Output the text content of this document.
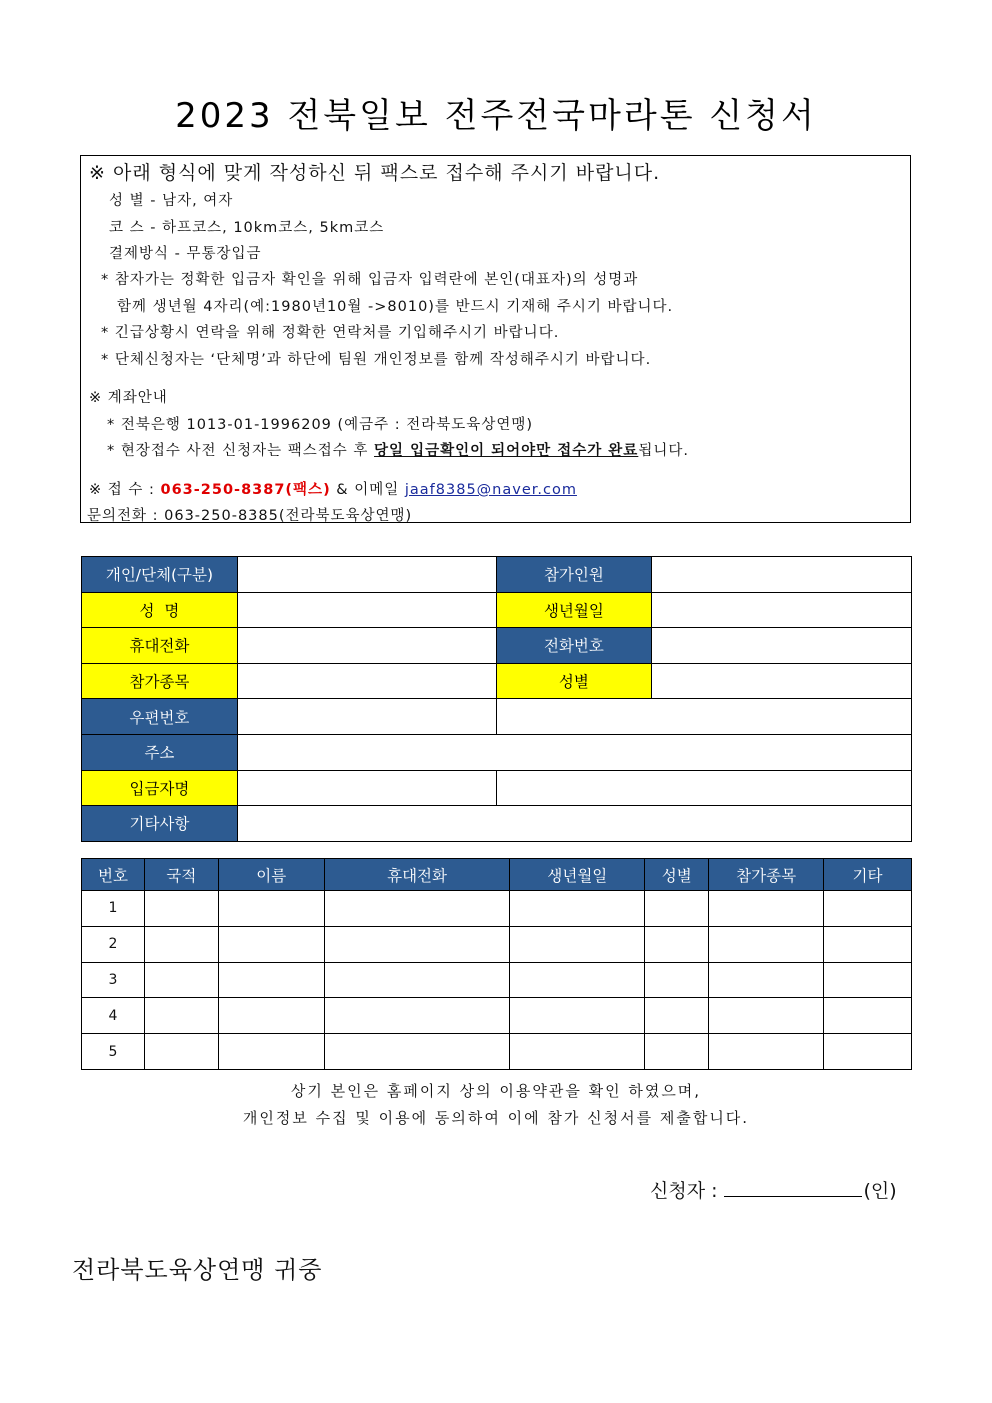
2023 전북일보 전주전국마라톤 신청서
※ 아래 형식에 맞게 작성하신 뒤 팩스로 접수해 주시기 바랍니다.
성 별 - 남자, 여자
코 스 - 하프코스, 10km코스, 5km코스
결제방식 - 무통장입금
* 참자가는 정확한 입금자 확인을 위해 입금자 입력란에 본인(대표자)의 성명과
함께 생년월 4자리(예:1980년10월 ->8010)를 반드시 기재해 주시기 바랍니다.
* 긴급상황시 연락을 위해 정확한 연락처를 기입해주시기 바랍니다.
* 단체신청자는 ‘단체명’과 하단에 팀원 개인정보를 함께 작성해주시기 바랍니다.
※ 계좌안내
* 전북은행 1013-01-1996209 (예금주 : 전라북도육상연맹)
* 현장접수 사전 신청자는 팩스접수 후 당일 입금확인이 되어야만 접수가 완료됩니다.
※ 접 수 : 063-250-8387(팩스) & 이메일 jaaf8385@naver.com
문의전화 : 063-250-8385(전라북도육상연맹)
개인/단체(구분)		참가인원	
성  명		생년월일	
휴대전화		전화번호	
참가종목		성별	
우편번호			
주소			
입금자명			
기타사항			
번호	국적	이름	휴대전화	생년월일	성별	참가종목	기타
1							
2							
3							
4							
5							
상기 본인은 홈페이지 상의 이용약관을 확인 하였으며,
개인정보 수집 및 이용에 동의하여 이에 참가 신청서를 제출합니다.
신청자 :	(인)
전라북도육상연맹 귀중
